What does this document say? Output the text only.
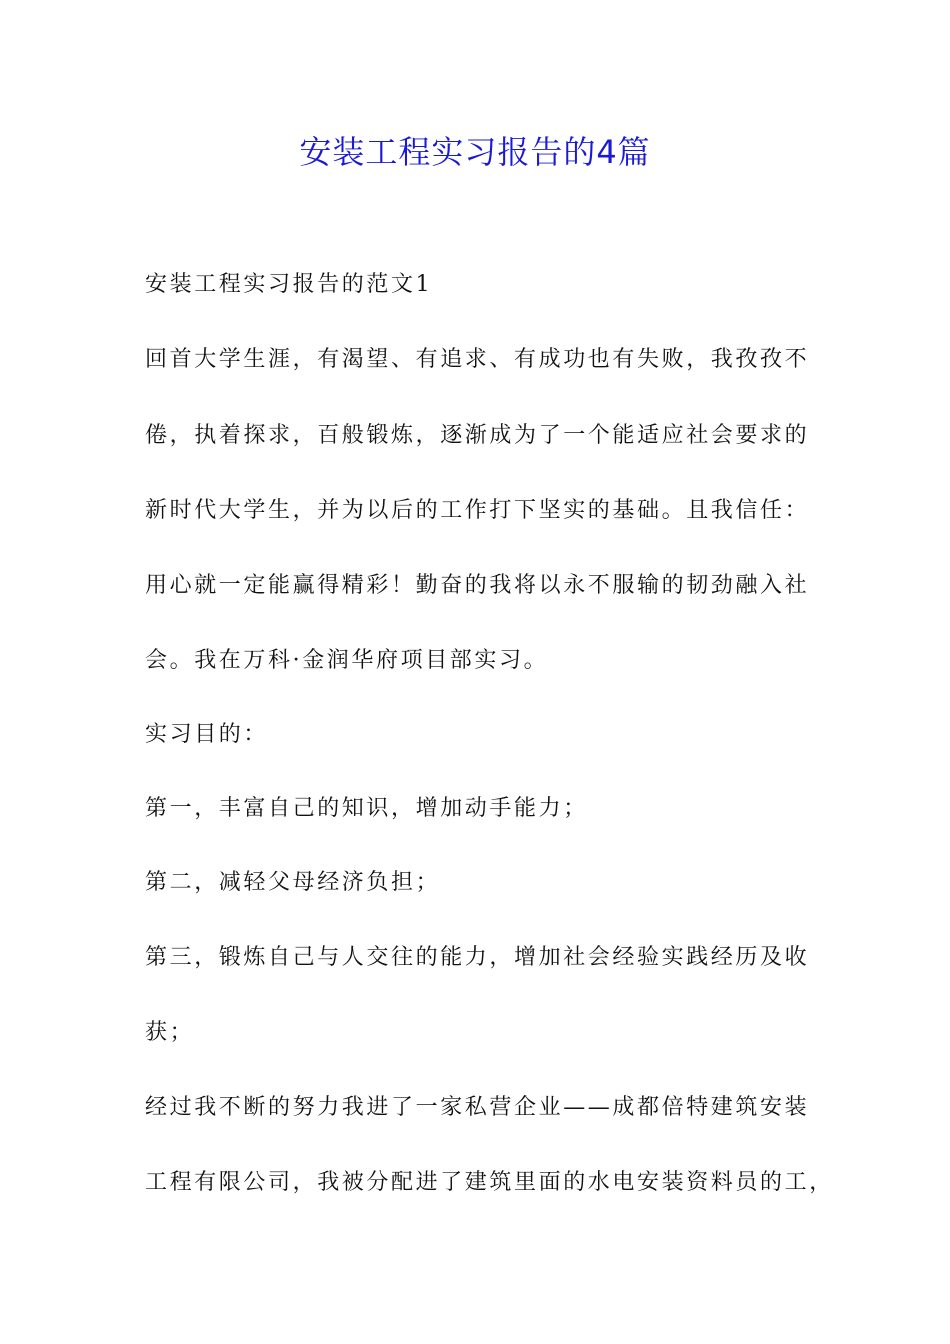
安装工程实习报告的4篇

安装工程实习报告的范文1

回首大学生涯，有渴望、有追求、有成功也有失败，我孜孜不

倦，执着探求，百般锻炼，逐渐成为了一个能适应社会要求的

新时代大学生，并为以后的工作打下坚实的基础。且我信任：

用心就一定能赢得精彩！勤奋的我将以永不服输的韧劲融入社

会。我在万科·金润华府项目部实习。

实习目的：

第一，丰富自己的知识，增加动手能力；

第二，减轻父母经济负担；

第三，锻炼自己与人交往的能力，增加社会经验实践经历及收

获；

经过我不断的努力我进了一家私营企业——成都倍特建筑安装

工程有限公司，我被分配进了建筑里面的水电安装资料员的工，
